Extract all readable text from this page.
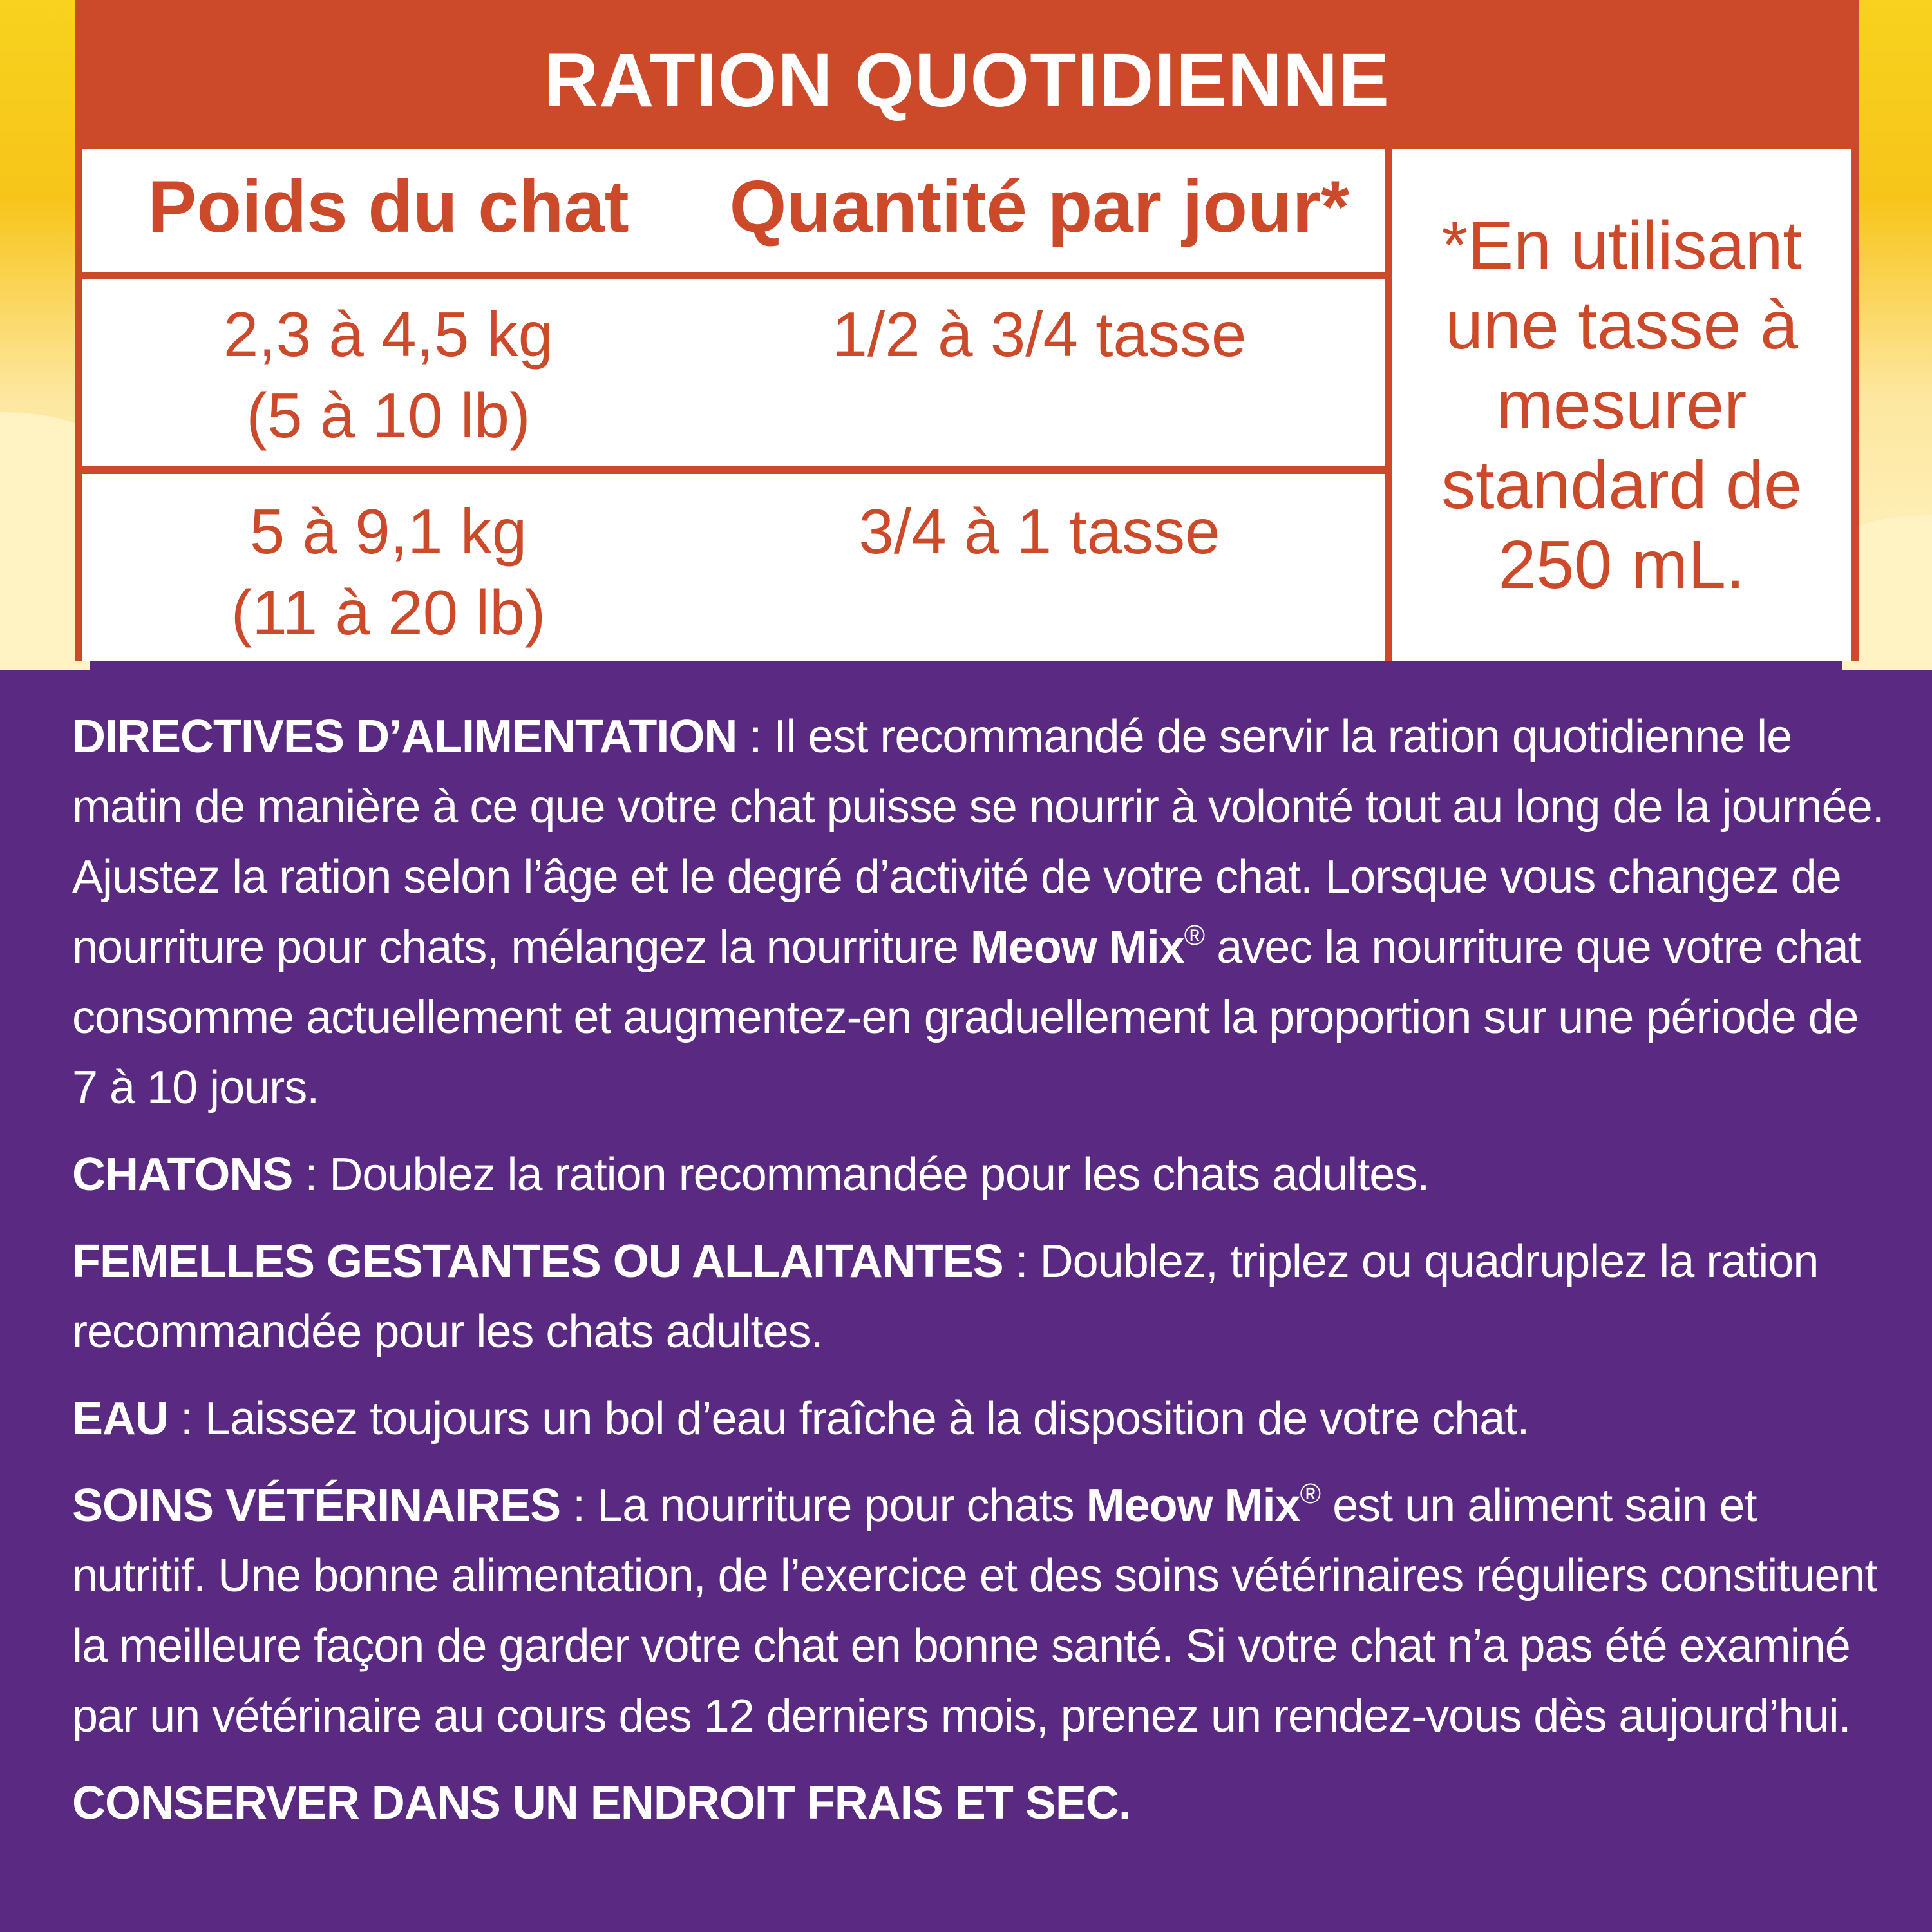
RATION QUOTIDIENNE
Poids du chat	Quantité par jour*
2,3 à 4,5 kg
(5 à 10 lb)
1/2 à 3/4 tasse
5 à 9,1 kg
(11 à 20 lb)
3/4 à 1 tasse
*En utilisant
une tasse à
mesurer
standard de
250 mL.

DIRECTIVES D’ALIMENTATION : Il est recommandé de servir la ration quotidienne le matin de manière à ce que votre chat puisse se nourrir à volonté tout au long de la journée. Ajustez la ration selon l’âge et le degré d’activité de votre chat. Lorsque vous changez de nourriture pour chats, mélangez la nourriture Meow Mix® avec la nourriture que votre chat consomme actuellement et augmentez-en graduellement la proportion sur une période de 7 à 10 jours.

CHATONS : Doublez la ration recommandée pour les chats adultes.

FEMELLES GESTANTES OU ALLAITANTES : Doublez, triplez ou quadruplez la ration recommandée pour les chats adultes.

EAU : Laissez toujours un bol d’eau fraîche à la disposition de votre chat.

SOINS VÉTÉRINAIRES : La nourriture pour chats Meow Mix® est un aliment sain et nutritif. Une bonne alimentation, de l’exercice et des soins vétérinaires réguliers constituent la meilleure façon de garder votre chat en bonne santé. Si votre chat n’a pas été examiné par un vétérinaire au cours des 12 derniers mois, prenez un rendez-vous dès aujourd’hui.

CONSERVER DANS UN ENDROIT FRAIS ET SEC.
